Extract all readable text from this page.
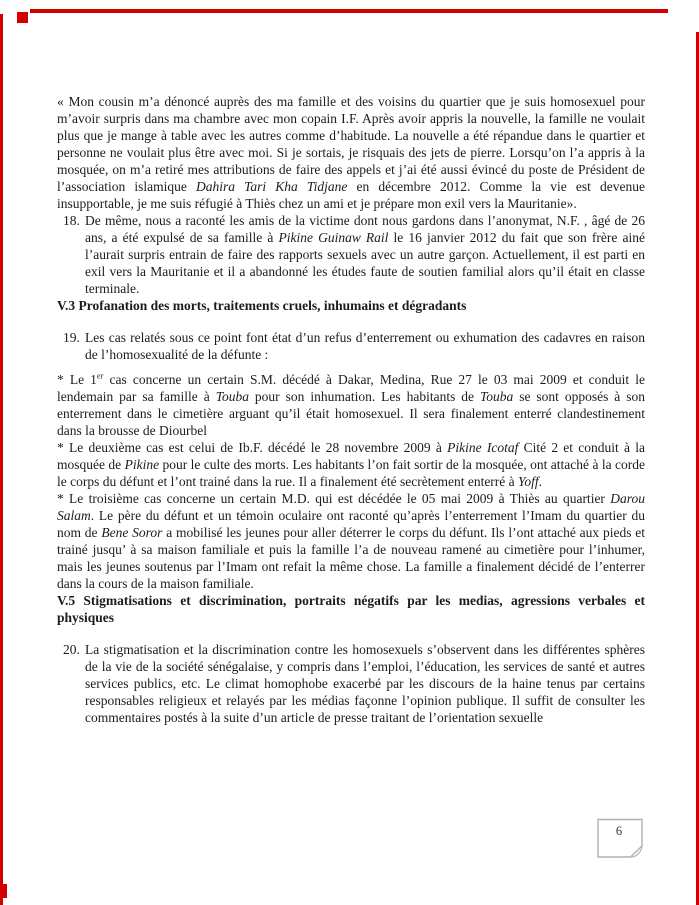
« Mon cousin m’a dénoncé auprès des ma famille et des voisins du quartier que je suis homosexuel pour m’avoir surpris dans ma chambre avec mon copain I.F. Après avoir appris la nouvelle, la famille ne voulait plus que je mange à table avec les autres comme d’habitude. La nouvelle a été répandue dans le quartier et personne ne voulait plus être avec moi. Si je sortais, je risquais des jets de pierre. Lorsqu’on l’a appris à la mosquée, on m’a retiré mes attributions de faire des appels et j’ai été aussi évincé du poste de Président de l’association islamique Dahira Tari Kha Tidjane en décembre 2012. Comme la vie est devenue insupportable, je me suis réfugié à Thiès chez un ami et je prépare mon exil vers la Mauritanie».

18. De même, nous a raconté les amis de la victime dont nous gardons dans l’anonymat, N.F. , âgé de 26 ans, a été expulsé de sa famille à Pikine Guinaw Rail le 16 janvier 2012 du fait que son frère ainé l’aurait surpris entrain de faire des rapports sexuels avec un autre garçon. Actuellement, il est parti en exil vers la Mauritanie et il a abandonné les études faute de soutien familial alors qu’il était en classe terminale.
V.3 Profanation des morts, traitements cruels, inhumains et dégradants
19. Les cas relatés sous ce point font état d’un refus d’enterrement ou exhumation des cadavres en raison de l’homosexualité de la défunte :

* Le 1er cas concerne un certain S.M. décédé à Dakar, Medina, Rue 27 le 03 mai 2009 et conduit le lendemain par sa famille à Touba pour son inhumation. Les habitants de Touba se sont opposés à son enterrement dans le cimetière arguant qu’il était homosexuel. Il sera finalement enterré clandestinement dans la brousse de Diourbel

* Le deuxième cas est celui de Ib.F. décédé le 28 novembre 2009 à Pikine Icotaf Cité 2 et conduit à la mosquée de Pikine pour le culte des morts. Les habitants l’on fait sortir de la mosquée, ont attaché à la corde le corps du défunt et l’ont trainé dans la rue. Il a finalement été secrètement enterré à Yoff.

* Le troisième cas concerne un certain M.D. qui est décédée le 05 mai 2009 à Thiès au quartier Darou Salam. Le père du défunt et un témoin oculaire ont raconté qu’après l’enterrement l’Imam du quartier du nom de Bene Soror a mobilisé les jeunes pour aller déterrer le corps du défunt. Ils l’ont attaché aux pieds et trainé jusqu’ à sa maison familiale et puis la famille l’a de nouveau ramené au cimetière pour l’inhumer, mais les jeunes soutenus par l’Imam ont refait la même chose. La famille a finalement décidé de l’enterrer dans la cours de la maison familiale.

V.5 Stigmatisations et discrimination, portraits négatifs par les medias, agressions verbales et physiques
20. La stigmatisation et la discrimination contre les homosexuels s’observent dans les différentes sphères de la vie de la société sénégalaise, y compris dans l’emploi, l’éducation, les services de santé et autres services publics, etc. Le climat homophobe exacerbé par les discours de la haine tenus par certains responsables religieux et relayés par les médias façonne l’opinion publique. Il suffit de consulter les commentaires postés à la suite d’un article de presse traitant de l’orientation sexuelle
6
